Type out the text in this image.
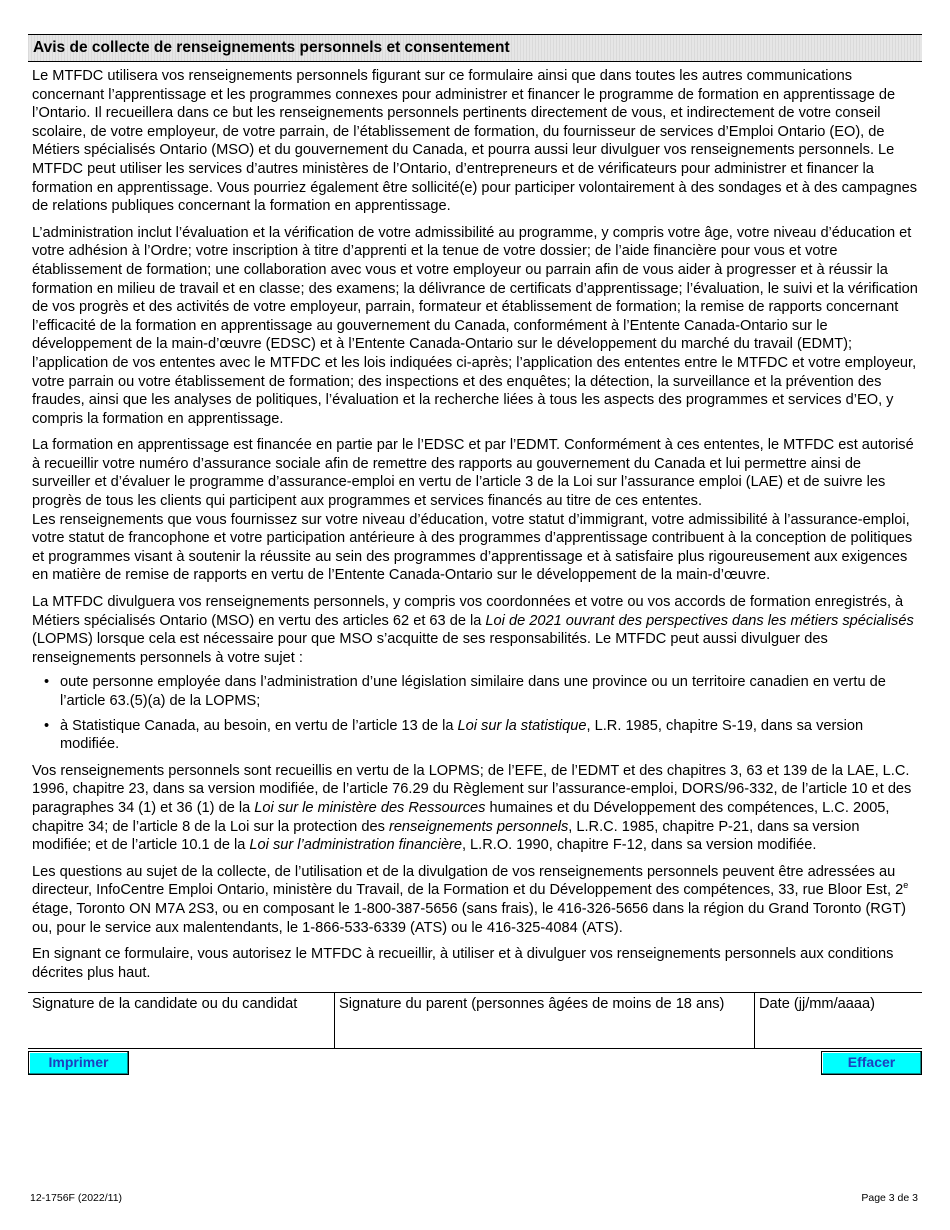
Avis de collecte de renseignements personnels et consentement

Le MTFDC utilisera vos renseignements personnels figurant sur ce formulaire ainsi que dans toutes les autres communications concernant l’apprentissage et les programmes connexes pour administrer et financer le programme de formation en apprentissage de l’Ontario. Il recueillera dans ce but les renseignements personnels pertinents directement de vous, et indirectement de votre conseil scolaire, de votre employeur, de votre parrain, de l’établissement de formation, du fournisseur de services d’Emploi Ontario (EO), de Métiers spécialisés Ontario (MSO) et du gouvernement du Canada, et pourra aussi leur divulguer vos renseignements personnels. Le MTFDC peut utiliser les services d’autres ministères de l’Ontario, d’entrepreneurs et de vérificateurs pour administrer et financer la formation en apprentissage. Vous pourriez également être sollicité(e) pour participer volontairement à des sondages et à des campagnes de relations publiques concernant la formation en apprentissage.

L’administration inclut l’évaluation et la vérification de votre admissibilité au programme, y compris votre âge, votre niveau d’éducation et votre adhésion à l’Ordre; votre inscription à titre d’apprenti et la tenue de votre dossier; de l’aide financière pour vous et votre établissement de formation; une collaboration avec vous et votre employeur ou parrain afin de vous aider à progresser et à réussir la formation en milieu de travail et en classe; des examens; la délivrance de certificats d’apprentissage; l’évaluation, le suivi et la vérification de vos progrès et des activités de votre employeur, parrain, formateur et établissement de formation; la remise de rapports concernant l’efficacité de la formation en apprentissage au gouvernement du Canada, conformément à l’Entente Canada-Ontario sur le développement de la main-d’œuvre (EDSC) et à l’Entente Canada-Ontario sur le développement du marché du travail (EDMT); l’application de vos ententes avec le MTFDC et les lois indiquées ci-après; l’application des ententes entre le MTFDC et votre employeur, votre parrain ou votre établissement de formation; des inspections et des enquêtes; la détection, la surveillance et la prévention des fraudes, ainsi que les analyses de politiques, l’évaluation et la recherche liées à tous les aspects des programmes et services d’EO, y compris la formation en apprentissage.

La formation en apprentissage est financée en partie par le l’EDSC et par l’EDMT. Conformément à ces ententes, le MTFDC est autorisé à recueillir votre numéro d’assurance sociale afin de remettre des rapports au gouvernement du Canada et lui permettre ainsi de surveiller et d’évaluer le programme d’assurance-emploi en vertu de l’article 3 de la Loi sur l’assurance emploi (LAE) et de suivre les progrès de tous les clients qui participent aux programmes et services financés au titre de ces ententes.

Les renseignements que vous fournissez sur votre niveau d’éducation, votre statut d’immigrant, votre admissibilité à l’assurance-emploi, votre statut de francophone et votre participation antérieure à des programmes d’apprentissage contribuent à la conception de politiques et programmes visant à soutenir la réussite au sein des programmes d’apprentissage et à satisfaire plus rigoureusement aux exigences en matière de remise de rapports en vertu de l’Entente Canada-Ontario sur le développement de la main-d’œuvre.

La MTFDC divulguera vos renseignements personnels, y compris vos coordonnées et votre ou vos accords de formation enregistrés, à Métiers spécialisés Ontario (MSO) en vertu des articles 62 et 63 de la Loi de 2021 ouvrant des perspectives dans les métiers spécialisés (LOPMS) lorsque cela est nécessaire pour que MSO s’acquitte de ses responsabilités. Le MTFDC peut aussi divulguer des renseignements personnels à votre sujet :

• oute personne employée dans l’administration d’une législation similaire dans une province ou un territoire canadien en vertu de l’article 63.(5)(a) de la LOPMS;
• à Statistique Canada, au besoin, en vertu de l’article 13 de la Loi sur la statistique, L.R. 1985, chapitre S-19, dans sa version modifiée.

Vos renseignements personnels sont recueillis en vertu de la LOPMS; de l’EFE, de l’EDMT et des chapitres 3, 63 et 139 de la LAE, L.C. 1996, chapitre 23, dans sa version modifiée, de l’article 76.29 du Règlement sur l’assurance-emploi, DORS/96-332, de l’article 10 et des paragraphes 34 (1) et 36 (1) de la Loi sur le ministère des Ressources humaines et du Développement des compétences, L.C. 2005, chapitre 34; de l’article 8 de la Loi sur la protection des renseignements personnels, L.R.C. 1985, chapitre P-21, dans sa version modifiée; et de l’article 10.1 de la Loi sur l’administration financière, L.R.O. 1990, chapitre F-12, dans sa version modifiée.

Les questions au sujet de la collecte, de l’utilisation et de la divulgation de vos renseignements personnels peuvent être adressées au directeur, InfoCentre Emploi Ontario, ministère du Travail, de la Formation et du Développement des compétences, 33, rue Bloor Est, 2e étage, Toronto ON M7A 2S3, ou en composant le 1-800-387-5656 (sans frais), le 416-326-5656 dans la région du Grand Toronto (RGT) ou, pour le service aux malentendants, le 1-866-533-6339 (ATS) ou le 416-325-4084 (ATS).

En signant ce formulaire, vous autorisez le MTFDC à recueillir, à utiliser et à divulguer vos renseignements personnels aux conditions décrites plus haut.

Signature de la candidate ou du candidat	Signature du parent (personnes âgées de moins de 18 ans)	Date (jj/mm/aaaa)
Imprimer	Effacer
12-1756F (2022/11)	Page 3 de 3
